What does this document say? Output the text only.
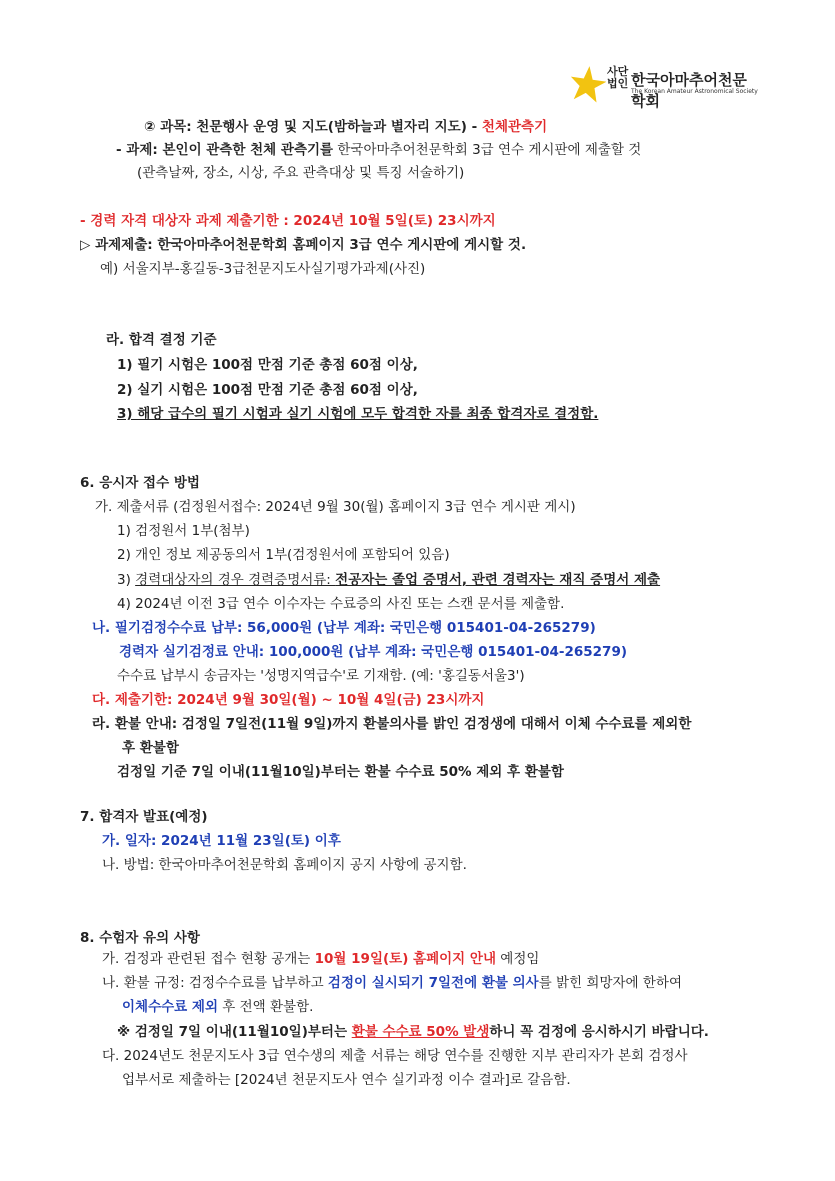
사단
법인 한국아마추어천문학회
The Korean Amateur Astronomical Society
② 과목: 천문행사 운영 및 지도(밤하늘과 별자리 지도) - 천체관측기
- 과제: 본인이 관측한 천체 관측기를 한국아마추어천문학회 3급 연수 게시판에 제출할 것
(관측날짜, 장소, 시상, 주요 관측대상 및 특징 서술하기)
- 경력 자격 대상자 과제 제출기한 : 2024년 10월 5일(토) 23시까지
▷ 과제제출: 한국아마추어천문학회 홈페이지 3급 연수 게시판에 게시할 것.
예) 서울지부-홍길동-3급천문지도사실기평가과제(사진)
라. 합격 결정 기준
1) 필기 시험은 100점 만점 기준 총점 60점 이상,
2) 실기 시험은 100점 만점 기준 총점 60점 이상,
3) 해당 급수의 필기 시험과 실기 시험에 모두 합격한 자를 최종 합격자로 결정함.
6. 응시자 접수 방법
가. 제출서류 (검정원서접수: 2024년 9월 30(월) 홈페이지 3급 연수 게시판 게시)
1) 검정원서 1부(첨부)
2) 개인 정보 제공동의서 1부(검정원서에 포함되어 있음)
3) 경력대상자의 경우 경력증명서류: 전공자는 졸업 증명서, 관련 경력자는 재직 증명서 제출
4) 2024년 이전 3급 연수 이수자는 수료증의 사진 또는 스캔 문서를 제출함.
나. 필기검정수수료 납부: 56,000원 (납부 계좌: 국민은행 015401-04-265279)
경력자 실기검정료 안내: 100,000원 (납부 계좌: 국민은행 015401-04-265279)
수수료 납부시 송금자는 '성명지역급수'로 기재함. (예: '홍길동서울3')
다. 제출기한: 2024년 9월 30일(월) ~ 10월 4일(금) 23시까지
라. 환불 안내: 검정일 7일전(11월 9일)까지 환불의사를 밝인 검정생에 대해서 이체 수수료를 제외한
후 환불함
검정일 기준 7일 이내(11월10일)부터는 환불 수수료 50% 제외 후 환불함
7. 합격자 발표(예정)
가. 일자: 2024년 11월 23일(토) 이후
나. 방법: 한국아마추어천문학회 홈페이지 공지 사항에 공지함.
8. 수험자 유의 사항
가. 검정과 관련된 접수 현황 공개는 10월 19일(토) 홈페이지 안내 예정임
나. 환불 규정: 검정수수료를 납부하고 검정이 실시되기 7일전에 환불 의사를 밝힌 희망자에 한하여
이체수수료 제외 후 전액 환불함.
※ 검정일 7일 이내(11월10일)부터는 환불 수수료 50% 발생하니 꼭 검정에 응시하시기 바랍니다.
다. 2024년도 천문지도사 3급 연수생의 제출 서류는 해당 연수를 진행한 지부 관리자가 본회 검정사
업부서로 제출하는 [2024년 천문지도사 연수 실기과정 이수 결과]로 갈음함.
